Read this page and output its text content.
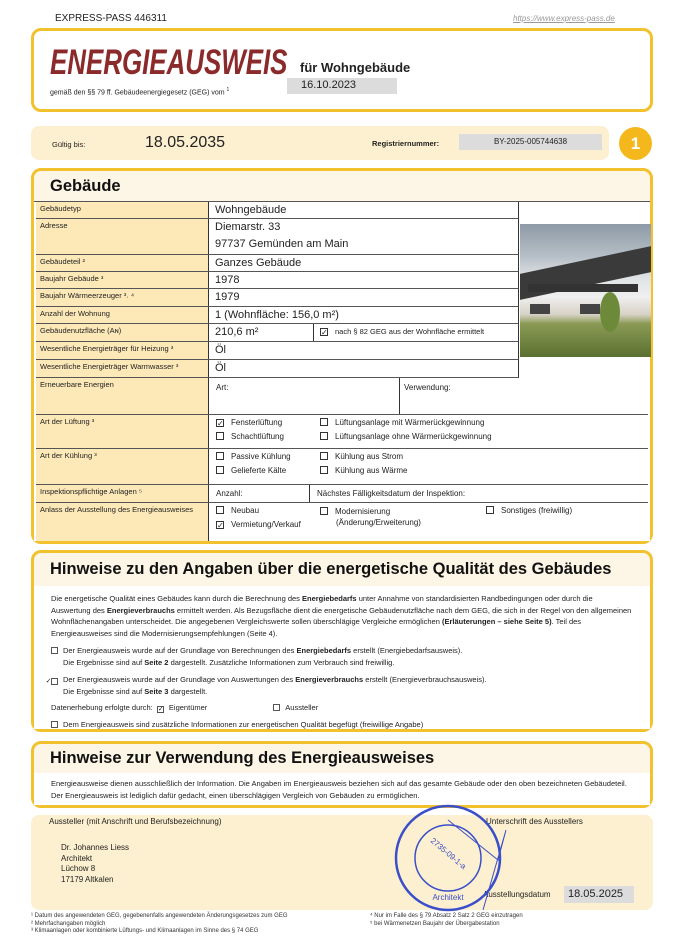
EXPRESS-PASS 446311	https://www.express-pass.de
ENERGIEAUSWEIS für Wohngebäude
gemäß den §§ 79 ff. Gebäudeenergiegesetz (GEG) vom $^1$	16.10.2023
Gültig bis:	18.05.2035	Registriernummer:	BY-2025-005744638	1
Gebäude
Gebäudetyp	Wohngebäude
Adresse	Diemarstr. 33
97737 Gemünden am Main
Gebäudeteil ²	Ganzes Gebäude
Baujahr Gebäude ³	1978
Baujahr Wärmeerzeuger ³˒ ⁴	1979
Anzahl der Wohnung	1 (Wohnfläche: 156,0 m²)
Gebäudenutzfläche (Aɴ)	210,6 m²	✓ nach § 82 GEG aus der Wohnfläche ermittelt
Wesentliche Energieträger für Heizung ³	Öl
Wesentliche Energieträger Warmwasser ³	Öl
Erneuerbare Energien	Art:	Verwendung:
Art der Lüftung ³	✓ Fensterlüftung
Schachtlüftung
Lüftungsanlage mit Wärmerückgewinnung
Lüftungsanlage ohne Wärmerückgewinnung
Art der Kühlung ³	Passive Kühlung
Gelieferte Kälte
Kühlung aus Strom
Kühlung aus Wärme
Inspektionspflichtige Anlagen ⁵	Anzahl:	Nächstes Fälligkeitsdatum der Inspektion:
Anlass der Ausstellung des Energieausweises	Neubau
✓ Vermietung/Verkauf
Modernisierung
(Änderung/Erweiterung)
Sonstiges (freiwillig)
Hinweise zu den Angaben über die energetische Qualität des Gebäudes

Die energetische Qualität eines Gebäudes kann durch die Berechnung des Energiebedarfs unter Annahme von standardisierten Randbedingungen oder durch die Auswertung des Energieverbrauchs ermittelt werden. Als Bezugsfläche dient die energetische Gebäudenutzfläche nach dem GEG, die sich in der Regel von den allgemeinen Wohnflächenangaben unterscheidet. Die angegebenen Vergleichswerte sollen überschlägige Vergleiche ermöglichen (Erläuterungen – siehe Seite 5). Teil des Energieausweises sind die Modernisierungsempfehlungen (Seite 4).

Der Energieausweis wurde auf der Grundlage von Berechnungen des Energiebedarfs erstellt (Energiebedarfsausweis).
Die Ergebnisse sind auf Seite 2 dargestellt. Zusätzliche Informationen zum Verbrauch sind freiwillig.

✓ Der Energieausweis wurde auf der Grundlage von Auswertungen des Energieverbrauchs erstellt (Energieverbrauchsausweis).
Die Ergebnisse sind auf Seite 3 dargestellt.

Datenerhebung erfolgte durch: ✓ Eigentümer	Aussteller

Dem Energieausweis sind zusätzliche Informationen zur energetischen Qualität begefügt (freiwillige Angabe)

Hinweise zur Verwendung des Energieausweises

Energieausweise dienen ausschließlich der Information. Die Angaben im Energieausweis beziehen sich auf das gesamte Gebäude oder den oben bezeichneten Gebäudeteil. Der Energieausweis ist lediglich dafür gedacht, einen überschlägigen Vergleich von Gebäuden zu ermöglichen.

Aussteller (mit Anschrift und Berufsbezeichnung)
Dr. Johannes Liess
Architekt
Lüchow 8
17179 Altkalen
Unterschrift des Ausstellers
Ausstellungsdatum	18.05.2025
2735-09-1-a
Architekt
¹ Datum des angewendeten GEG, gegebenenfalls angewendeten Änderungsgesetzes zum GEG
² Mehrfachangaben möglich
³ Klimaanlagen oder kombinierte Lüftungs- und Klimaanlagen im Sinne des § 74 GEG
⁴ Nur im Falle des § 79 Absatz 2 Satz 2 GEG einzutragen
⁵ bei Wärmenetzen Baujahr der Übergabestation
